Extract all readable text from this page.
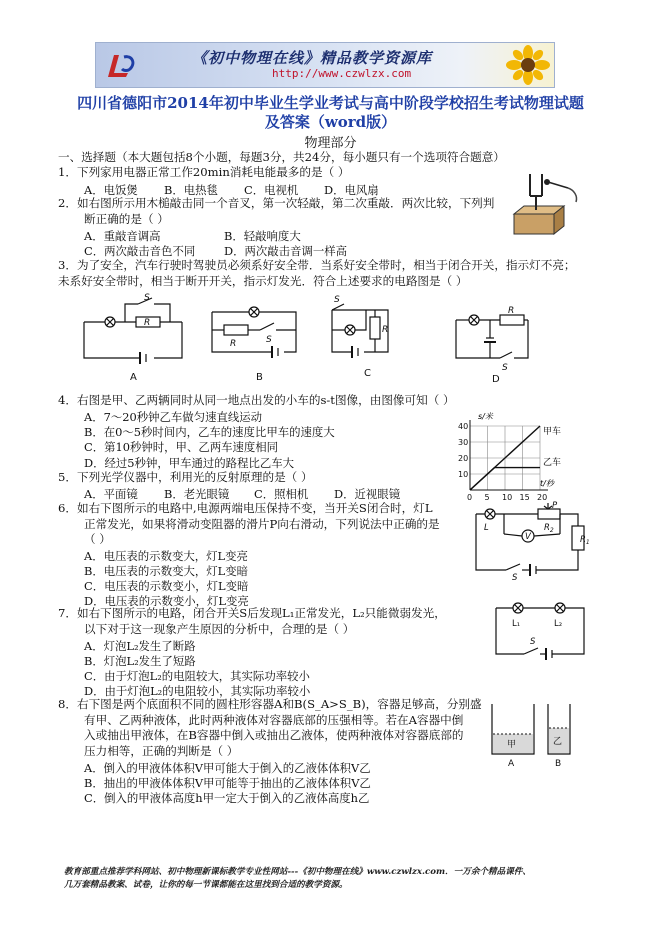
《初中物理在线》精品教学资源库
http://www.czwlzx.com
四川省德阳市2014年初中毕业生学业考试与高中阶段学校招生考试物理试题
及答案（word版）
物理部分
一、选择题（本大题包括8个小题，每题3分，共24分，每小题只有一个选项符合题意）
1．下列家用电器正常工作20min消耗电能最多的是（ ）
A．电饭煲 B．电热毯 C．电视机 D．电风扇
2．如右图所示用木槌敲击同一个音叉，第一次轻敲，第二次重敲．两次比较，下列判
断正确的是（ ）
A．重敲音调高	B．轻敲响度大
C．两次敲击音色不同	D．两次敲击音调一样高
3．为了安全，汽车行驶时驾驶员必须系好安全带．当系好安全带时，相当于闭合开关，指示灯不亮；
未系好安全带时，相当于断开开关，指示灯发光．符合上述要求的电路图是（ ）
S
R
R	S
S
R
R
S
A	B	C
D
4．右图是甲、乙两辆同时从同一地点出发的小车的s-t图像，由图像可知（ ）
A．7～20秒钟乙车做匀速直线运动
B．在0～5秒时间内，乙车的速度比甲车的速度大
C．第10秒钟时，甲、乙两车速度相同
D．经过5秒钟，甲车通过的路程比乙车大
0 5 10 15 20
10
20
30
40
s/米
t/秒
甲车
乙车
5．下列光学仪器中，利用光的反射原理的是（ ）
A．平面镜 B．老光眼镜 C．照相机 D．近视眼镜
6．如右下图所示的电路中,电源两端电压保持不变，当开关S闭合时，灯L
正常发光，如果将滑动变阻器的滑片P向右滑动，下列说法中正确的是
（ ）
A．电压表的示数变大，灯L变亮
B．电压表的示数变大，灯L变暗
C．电压表的示数变小，灯L变暗
D．电压表的示数变小，灯L变亮
L
V
$R_2$
$R_1$
P
S
7．如右下图所示的电路，闭合开关S后发现L₁正常发光，L₂只能微弱发光，
以下对于这一现象产生原因的分析中，合理的是（ ）
A．灯泡L₂发生了断路
B．灯泡L₂发生了短路
C．由于灯泡L₂的电阻较大，其实际功率较小
D．由于灯泡L₂的电阻较小，其实际功率较小
L₁	L₂
S
8．右下图是两个底面积不同的圆柱形容器A和B(S_A>S_B)，容器足够高，分别盛
有甲、乙两种液体，此时两种液体对容器底部的压强相等。若在A容器中倒
入或抽出甲液体，在B容器中倒入或抽出乙液体，使两种液体对容器底部的
压力相等，正确的判断是（ ）
A．倒入的甲液体体积V甲可能大于倒入的乙液体体积V乙
B．抽出的甲液体体积V甲可能等于抽出的乙液体体积V乙
C．倒入的甲液体高度h甲一定大于倒入的乙液体高度h乙
甲	乙
A	B
教育部重点推荐学科网站、初中物理新课标教学专业性网站---《初中物理在线》www.czwlzx.com．一万余个精品课件、
几万套精品教案、试卷，让你的每一节课都能在这里找到合适的教学资源。
